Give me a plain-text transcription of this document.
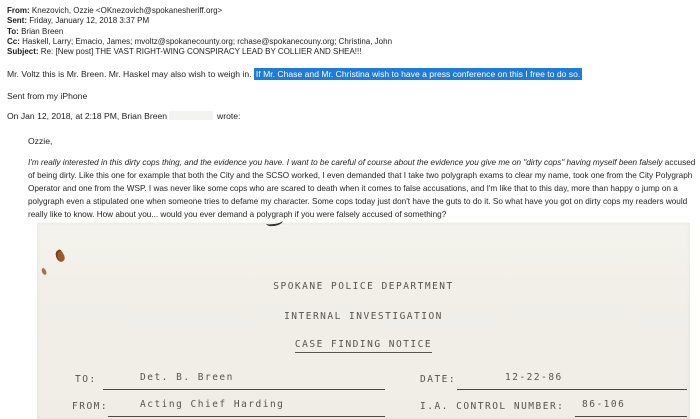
From: Knezovich, Ozzie <OKnezovich@spokanesheriff.org>
Sent: Friday, January 12, 2018 3:37 PM
To: Brian Breen
Cc: Haskell, Larry; Emacio, James; mvoltz@spokanecounty.org; rchase@spokanecouny.org; Christina, John
Subject: Re: [New post] THE VAST RIGHT-WING CONSPIRACY LEAD BY COLLIER AND SHEA!!!
Mr. Voltz this is Mr. Breen. Mr. Haskel may also wish to weigh in. If Mr. Chase and Mr. Christina wish to have a press conference on this I free to do so.
Sent from my iPhone
On Jan 12, 2018, at 2:18 PM, Brian Breen	wrote:
Ozzie,
I'm really interested in this dirty cops thing, and the evidence you have. I want to be careful of course about the evidence you give me on "dirty cops" having myself been falsely accused of being dirty. Like this one for example that both the City and the SCSO worked, I even demanded that I take two polygraph exams to clear my name, took one from the City Polygraph Operator and one from the WSP. I was never like some cops who are scared to death when it comes to false accusations, and I'm like that to this day, more than happy o jump on a polygraph even a stipulated one when someone tries to defame my character. Some cops today just don't have the guts to do it. So what have you got on dirty cops my readers would really like to know. How about you... would you ever demand a polygraph if you were falsely accused of something?
SPOKANE POLICE DEPARTMENT
INTERNAL INVESTIGATION
CASE FINDING NOTICE
TO:	Det. B. Breen	DATE:	12-22-86
FROM:	Acting Chief Harding	I.A. CONTROL NUMBER: 86-106
